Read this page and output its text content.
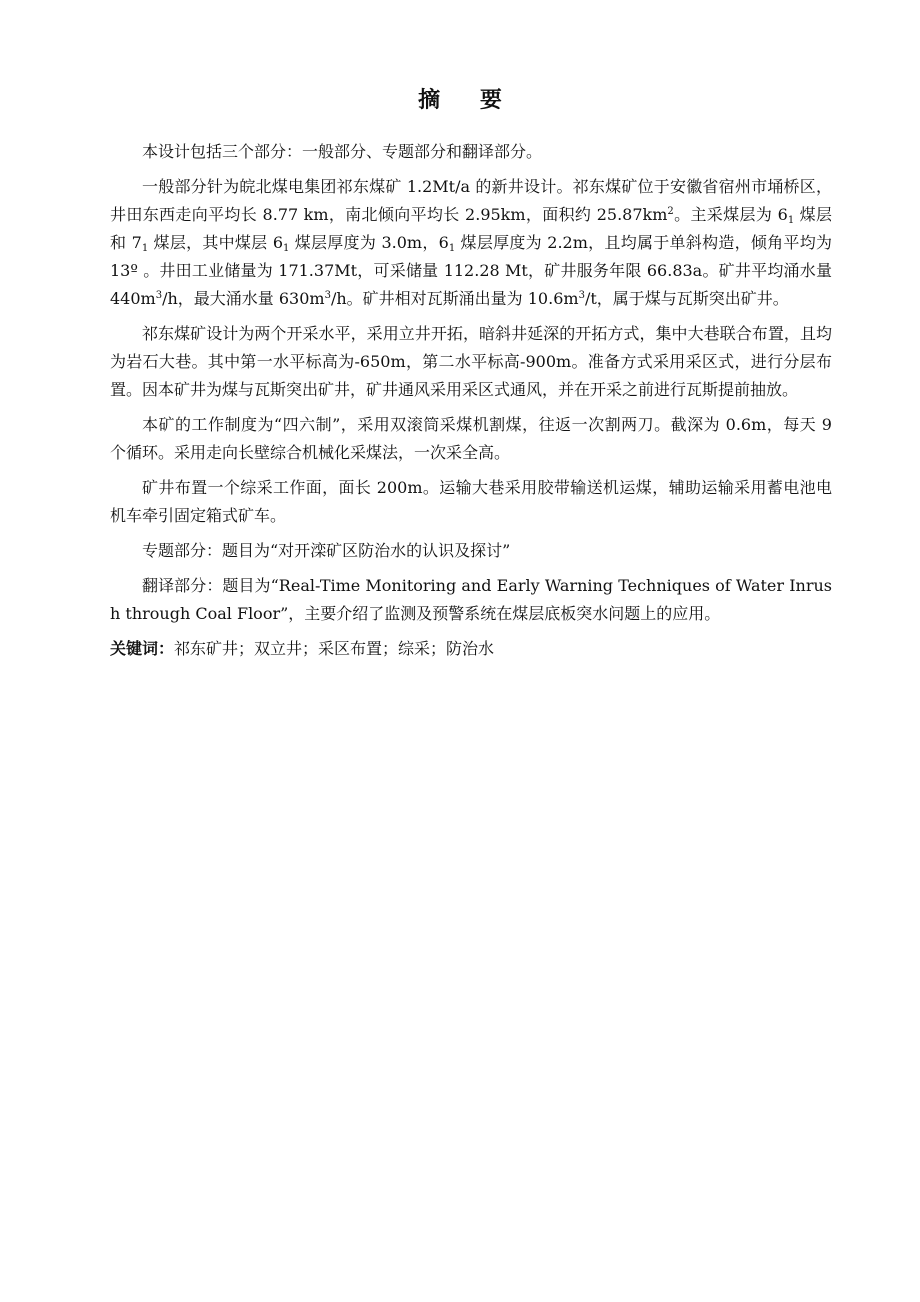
摘 要

本设计包括三个部分：一般部分、专题部分和翻译部分。

一般部分针为皖北煤电集团祁东煤矿 1.2Mt/a 的新井设计。祁东煤矿位于安徽省宿州市埇桥区，井田东西走向平均长 8.77 km，南北倾向平均长 2.95km，面积约 $25.87km^2$。主采煤层为 $6_1$ 煤层和 $7_1$ 煤层，其中煤层 $6_1$ 煤层厚度为 3.0m，$6_1$ 煤层厚度为 2.2m，且均属于单斜构造，倾角平均为 13º 。井田工业储量为 171.37Mt，可采储量 112.28 Mt，矿井服务年限 66.83a。矿井平均涌水量 $440m^3/h$，最大涌水量 $630m^3/h$。矿井相对瓦斯涌出量为 $10.6m^3/t$，属于煤与瓦斯突出矿井。

祁东煤矿设计为两个开采水平，采用立井开拓，暗斜井延深的开拓方式，集中大巷联合布置，且均为岩石大巷。其中第一水平标高为-650m，第二水平标高-900m。准备方式采用采区式，进行分层布置。因本矿井为煤与瓦斯突出矿井，矿井通风采用采区式通风，并在开采之前进行瓦斯提前抽放。

本矿的工作制度为“四六制”，采用双滚筒采煤机割煤，往返一次割两刀。截深为 0.6m，每天 9 个循环。采用走向长壁综合机械化采煤法，一次采全高。

矿井布置一个综采工作面，面长 200m。运输大巷采用胶带输送机运煤，辅助运输采用蓄电池电机车牵引固定箱式矿车。

专题部分：题目为“对开滦矿区防治水的认识及探讨”

翻译部分：题目为“Real-Time Monitoring and Early Warning Techniques of Water Inrush through Coal Floor”，主要介绍了监测及预警系统在煤层底板突水问题上的应用。

关键词：祁东矿井；双立井；采区布置；综采；防治水
